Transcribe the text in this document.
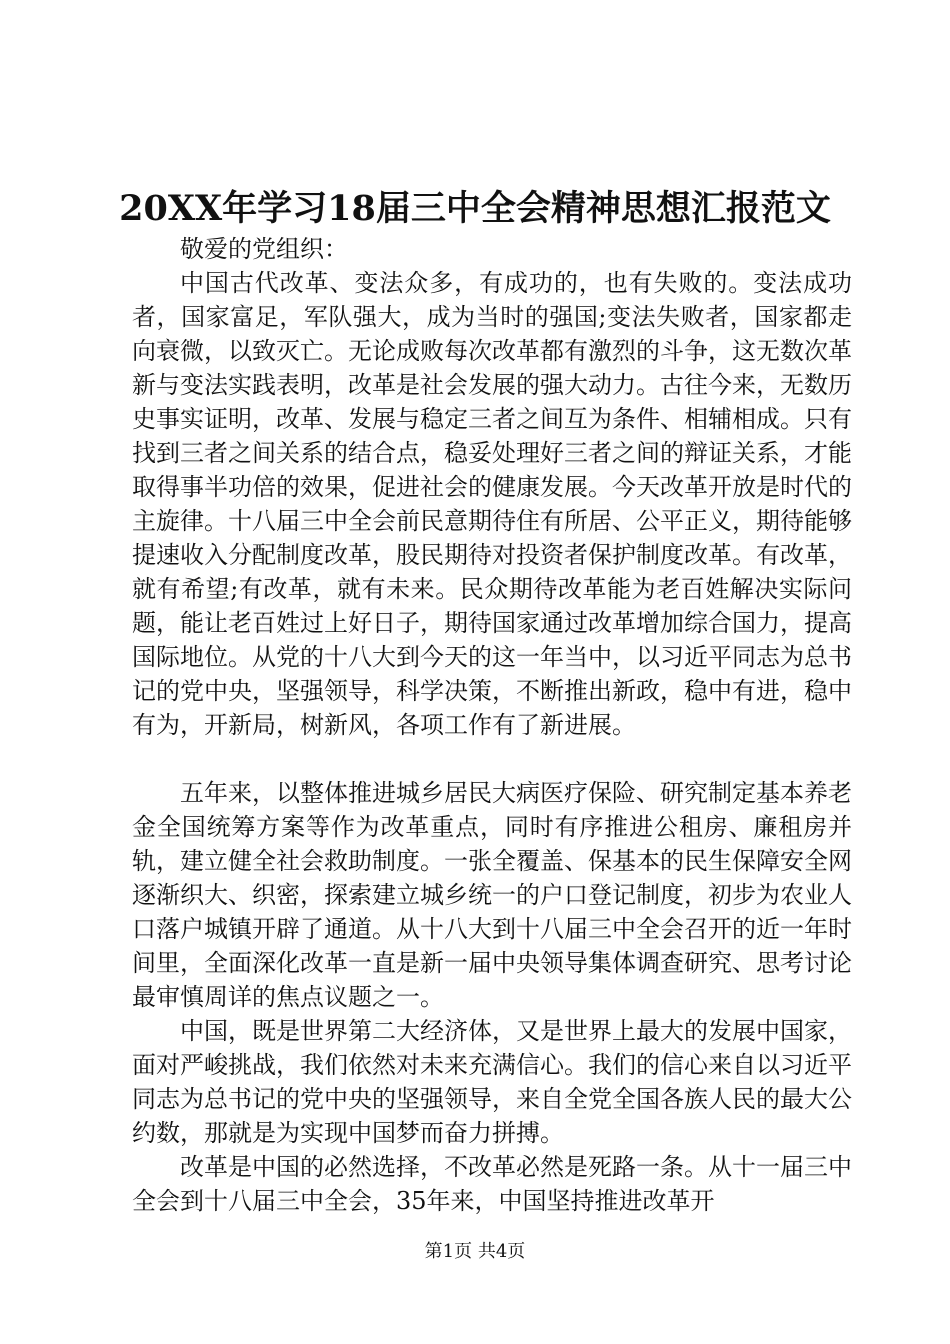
20XX年学习18届三中全会精神思想汇报范文

敬爱的党组织：

中国古代改革、变法众多，有成功的，也有失败的。变法成功者，国家富足，军队强大，成为当时的强国;变法失败者，国家都走向衰微，以致灭亡。无论成败每次改革都有激烈的斗争，这无数次革新与变法实践表明，改革是社会发展的强大动力。古往今来，无数历史事实证明，改革、发展与稳定三者之间互为条件、相辅相成。只有找到三者之间关系的结合点，稳妥处理好三者之间的辩证关系，才能取得事半功倍的效果，促进社会的健康发展。今天改革开放是时代的主旋律。十八届三中全会前民意期待住有所居、公平正义，期待能够提速收入分配制度改革，股民期待对投资者保护制度改革。有改革，就有希望;有改革，就有未来。民众期待改革能为老百姓解决实际问题，能让老百姓过上好日子，期待国家通过改革增加综合国力，提高国际地位。从党的十八大到今天的这一年当中，以习近平同志为总书记的党中央，坚强领导，科学决策，不断推出新政，稳中有进，稳中有为，开新局，树新风，各项工作有了新进展。

五年来，以整体推进城乡居民大病医疗保险、研究制定基本养老金全国统筹方案等作为改革重点，同时有序推进公租房、廉租房并轨，建立健全社会救助制度。一张全覆盖、保基本的民生保障安全网逐渐织大、织密，探索建立城乡统一的户口登记制度，初步为农业人口落户城镇开辟了通道。从十八大到十八届三中全会召开的近一年时间里，全面深化改革一直是新一届中央领导集体调查研究、思考讨论最审慎周详的焦点议题之一。

中国，既是世界第二大经济体，又是世界上最大的发展中国家，面对严峻挑战，我们依然对未来充满信心。我们的信心来自以习近平同志为总书记的党中央的坚强领导，来自全党全国各族人民的最大公约数，那就是为实现中国梦而奋力拼搏。

改革是中国的必然选择，不改革必然是死路一条。从十一届三中全会到十八届三中全会，35年来，中国坚持推进改革开

第1页 共4页
